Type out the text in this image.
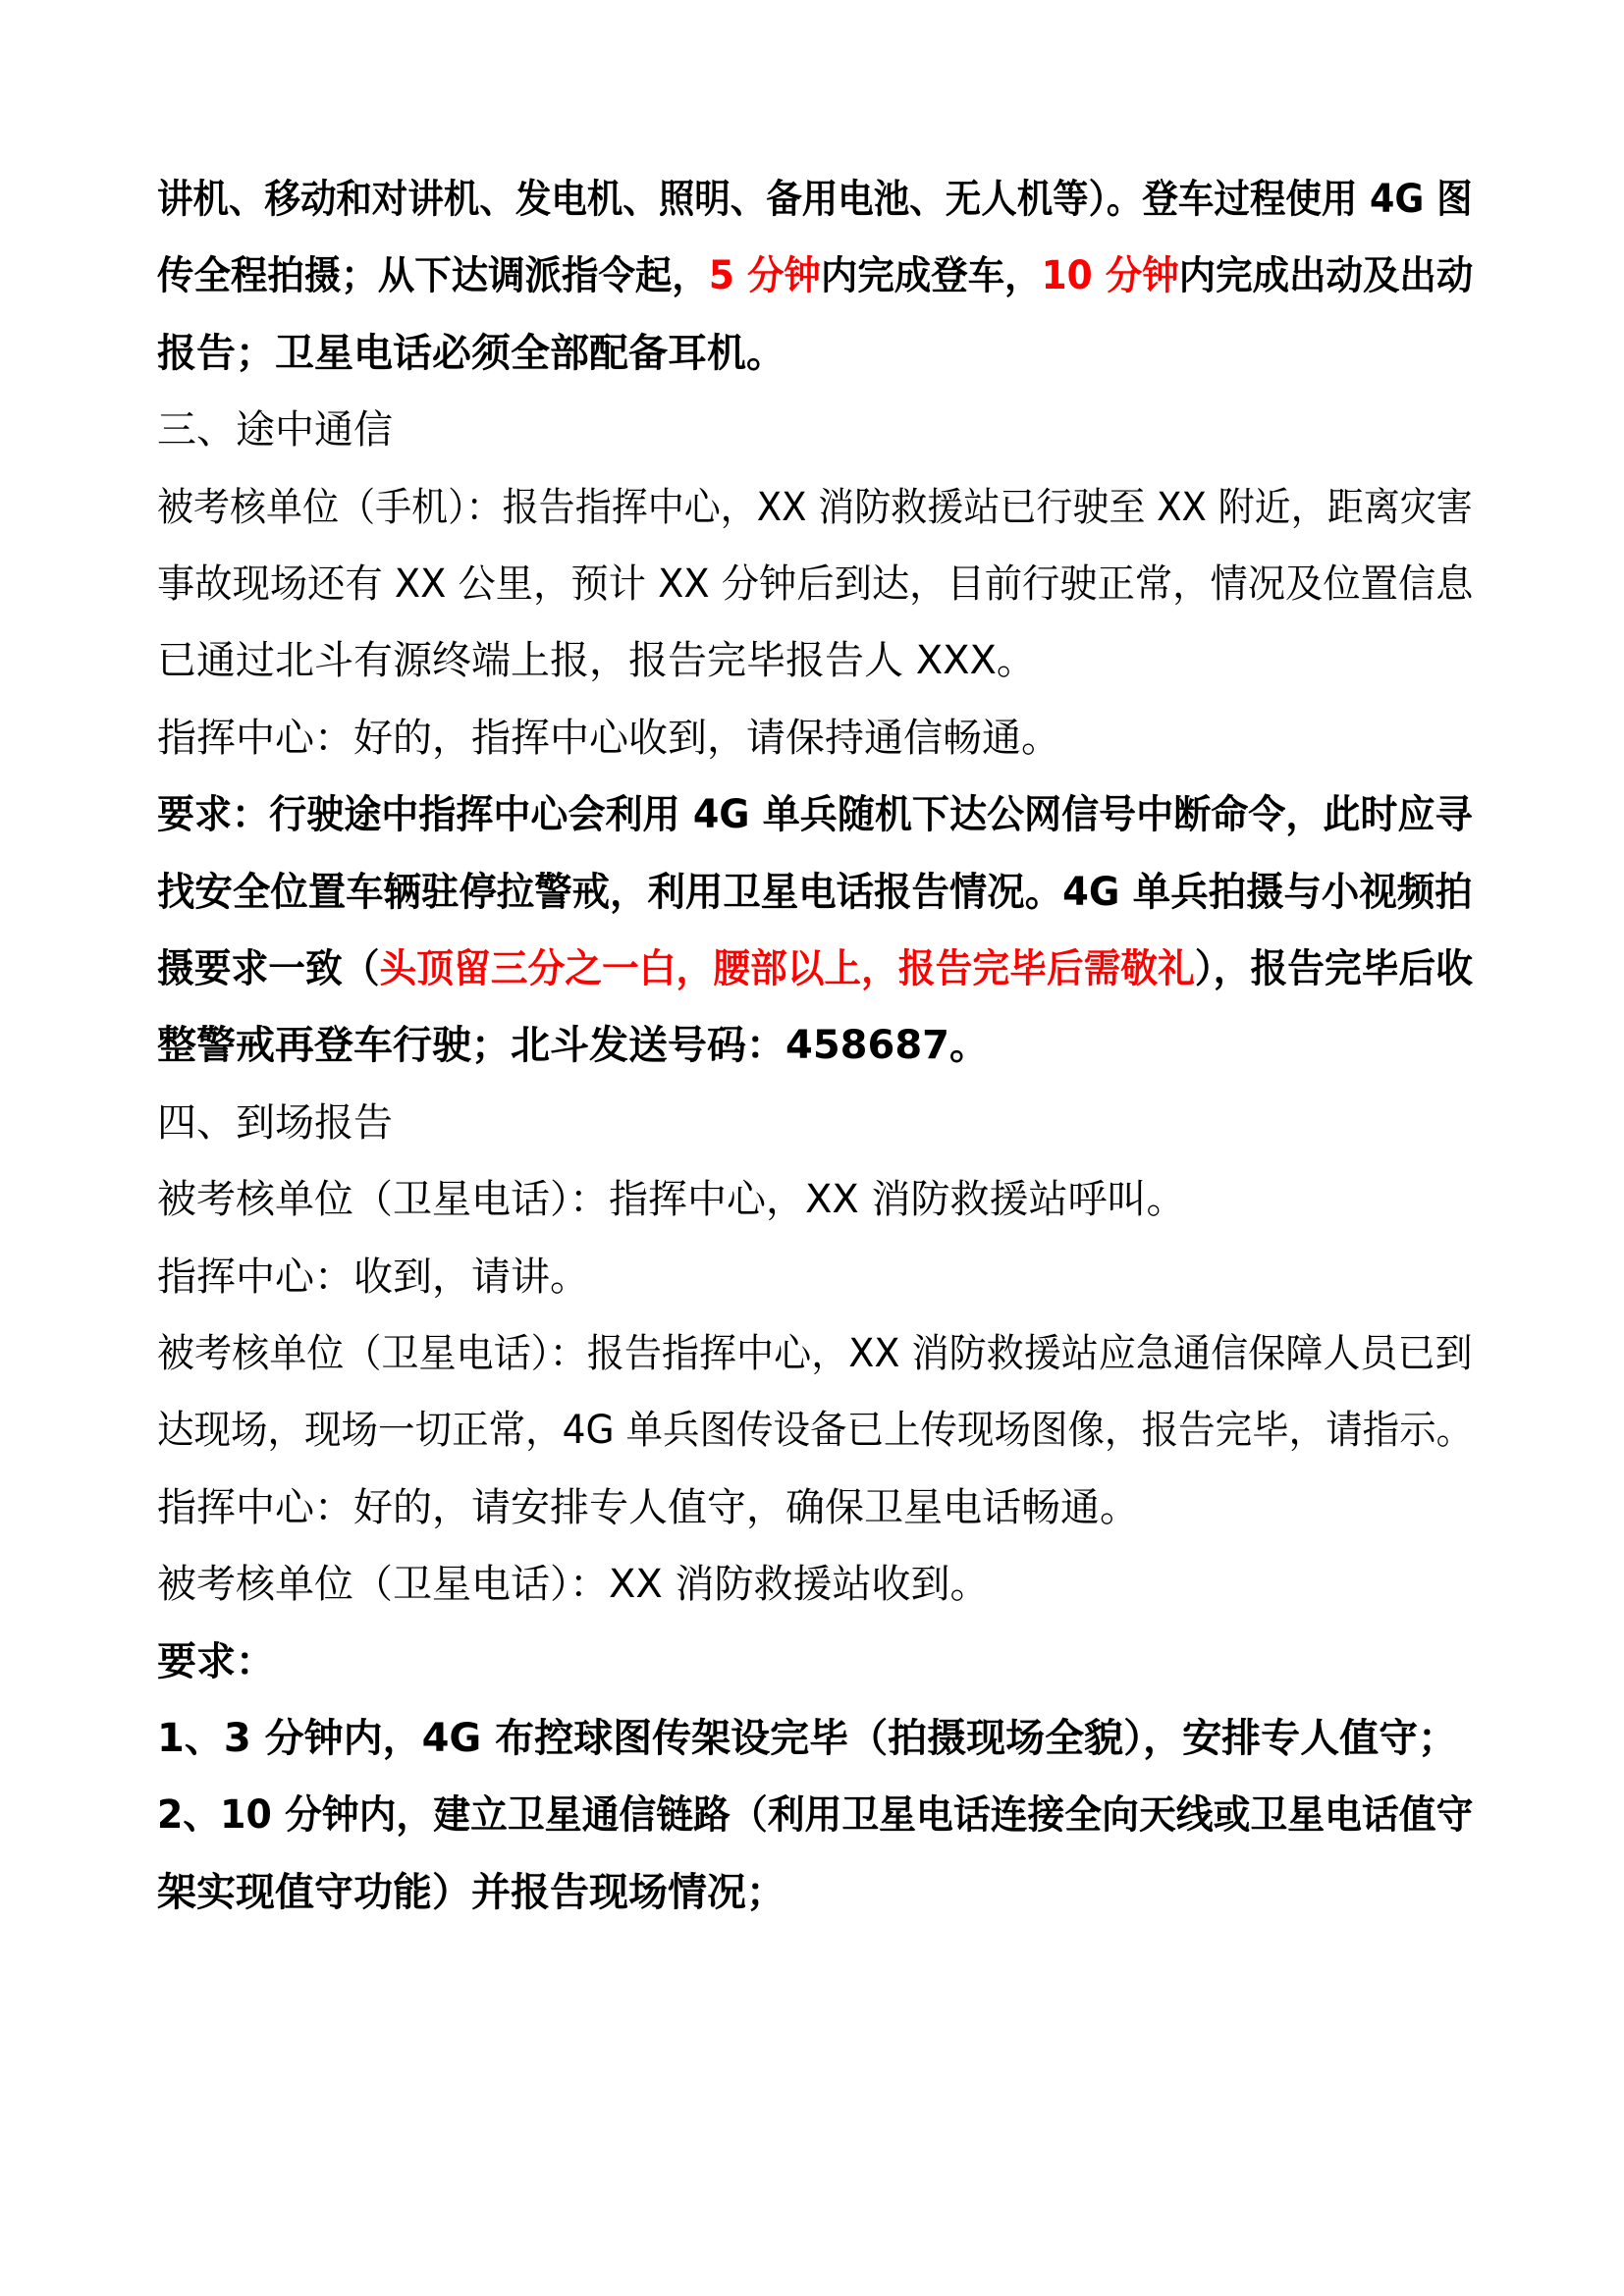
讲机、移动和对讲机、发电机、照明、备用电池、无人机等）。登车过程使用 4G 图
传全程拍摄；从下达调派指令起，5 分钟内完成登车，10 分钟内完成出动及出动
报告；卫星电话必须全部配备耳机。
三、途中通信
被考核单位（手机）：报告指挥中心，XX 消防救援站已行驶至 XX 附近，距离灾害
事故现场还有 XX 公里，预计 XX 分钟后到达，目前行驶正常，情况及位置信息
已通过北斗有源终端上报，报告完毕报告人 XXX。
指挥中心：好的，指挥中心收到，请保持通信畅通。
要求：行驶途中指挥中心会利用 4G 单兵随机下达公网信号中断命令，此时应寻
找安全位置车辆驻停拉警戒，利用卫星电话报告情况。4G 单兵拍摄与小视频拍
摄要求一致（头顶留三分之一白，腰部以上，报告完毕后需敬礼），报告完毕后收
整警戒再登车行驶；北斗发送号码：458687。
四、到场报告
被考核单位（卫星电话）：指挥中心，XX 消防救援站呼叫。
指挥中心：收到，请讲。
被考核单位（卫星电话）：报告指挥中心，XX 消防救援站应急通信保障人员已到
达现场，现场一切正常，4G 单兵图传设备已上传现场图像，报告完毕，请指示。
指挥中心：好的，请安排专人值守，确保卫星电话畅通。
被考核单位（卫星电话）：XX 消防救援站收到。
要求：
1、3 分钟内，4G 布控球图传架设完毕（拍摄现场全貌），安排专人值守；
2、10 分钟内，建立卫星通信链路（利用卫星电话连接全向天线或卫星电话值守
架实现值守功能）并报告现场情况；
